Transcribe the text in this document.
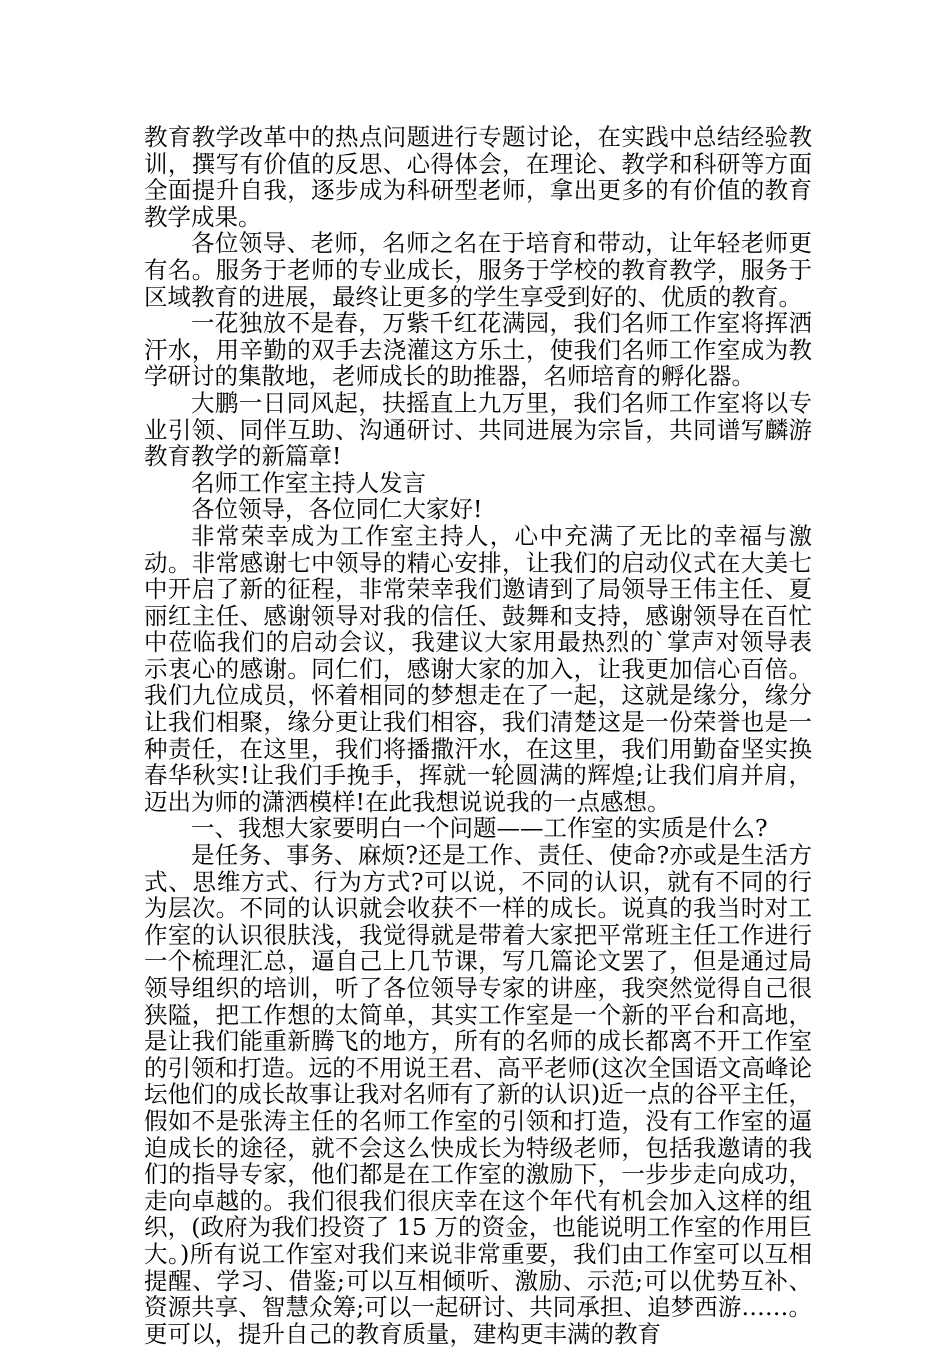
教育教学改革中的热点问题进行专题讨论，在实践中总结经验教训，撰写有价值的反思、心得体会，在理论、教学和科研等方面全面提升自我，逐步成为科研型老师，拿出更多的有价值的教育教学成果。

各位领导、老师，名师之名在于培育和带动，让年轻老师更有名。服务于老师的专业成长，服务于学校的教育教学，服务于区域教育的进展，最终让更多的学生享受到好的、优质的教育。

一花独放不是春，万紫千红花满园，我们名师工作室将挥洒汗水，用辛勤的双手去浇灌这方乐土，使我们名师工作室成为教学研讨的集散地，老师成长的助推器，名师培育的孵化器。

大鹏一日同风起，扶摇直上九万里，我们名师工作室将以专业引领、同伴互助、沟通研讨、共同进展为宗旨，共同谱写麟游教育教学的新篇章!

名师工作室主持人发言

各位领导，各位同仁大家好!

非常荣幸成为工作室主持人，心中充满了无比的幸福与激动。非常感谢七中领导的精心安排，让我们的启动仪式在大美七中开启了新的征程，非常荣幸我们邀请到了局领导王伟主任、夏丽红主任、感谢领导对我的信任、鼓舞和支持，感谢领导在百忙中莅临我们的启动会议，我建议大家用最热烈的`掌声对领导表示衷心的感谢。同仁们，感谢大家的加入，让我更加信心百倍。我们九位成员，怀着相同的梦想走在了一起，这就是缘分，缘分让我们相聚，缘分更让我们相容，我们清楚这是一份荣誉也是一种责任，在这里，我们将播撒汗水，在这里，我们用勤奋坚实换春华秋实!让我们手挽手，挥就一轮圆满的辉煌;让我们肩并肩，迈出为师的潇洒模样!在此我想说说我的一点感想。

一、我想大家要明白一个问题——工作室的实质是什么?

是任务、事务、麻烦?还是工作、责任、使命?亦或是生活方式、思维方式、行为方式?可以说，不同的认识，就有不同的行为层次。不同的认识就会收获不一样的成长。说真的我当时对工作室的认识很肤浅，我觉得就是带着大家把平常班主任工作进行一个梳理汇总，逼自己上几节课，写几篇论文罢了，但是通过局领导组织的培训，听了各位领导专家的讲座，我突然觉得自己很狭隘，把工作想的太简单，其实工作室是一个新的平台和高地，是让我们能重新腾飞的地方，所有的名师的成长都离不开工作室的引领和打造。远的不用说王君、高平老师(这次全国语文高峰论坛他们的成长故事让我对名师有了新的认识)近一点的谷平主任，假如不是张涛主任的名师工作室的引领和打造，没有工作室的逼迫成长的途径，就不会这么快成长为特级老师，包括我邀请的我们的指导专家，他们都是在工作室的激励下，一步步走向成功，走向卓越的。我们很我们很庆幸在这个年代有机会加入这样的组织，(政府为我们投资了 15 万的资金，也能说明工作室的作用巨大。)所有说工作室对我们来说非常重要，我们由工作室可以互相提醒、学习、借鉴;可以互相倾听、激励、示范;可以优势互补、资源共享、智慧众筹;可以一起研讨、共同承担、追梦西游……。更可以，提升自己的教育质量，建构更丰满的教育
